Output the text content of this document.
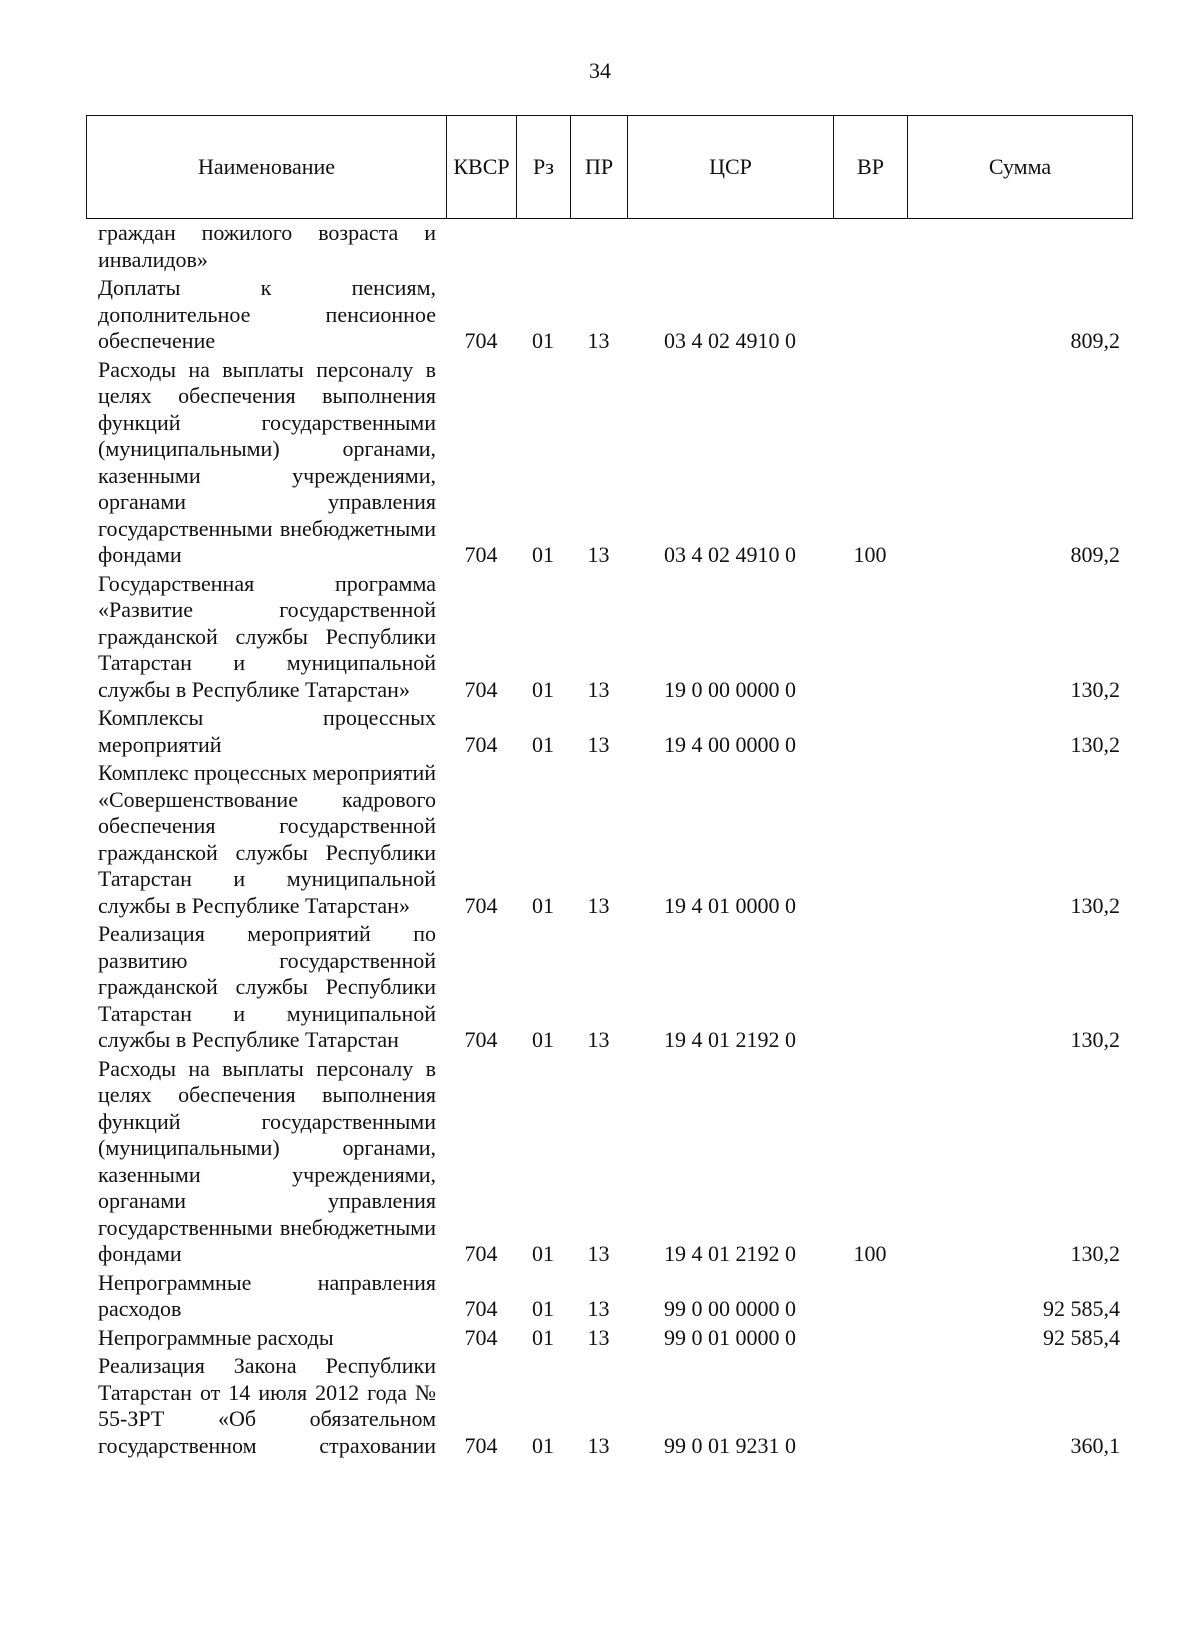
34
Наименование	КВСР	Рз	ПР	ЦСР	ВР	Сумма
граждан пожилого возраста и инвалидов»						
Доплаты к пенсиям, дополнительное пенсионное обеспечение	704	01	13	03 4 02 4910 0		809,2
Расходы на выплаты персоналу в целях обеспечения выполнения функций государственными (муниципальными) органами, казенными учреждениями, органами управления государственными внебюджетными фондами	704	01	13	03 4 02 4910 0	100	809,2
Государственная программа «Развитие государственной гражданской службы Республики Татарстан и муниципальной службы в Республике Татарстан»	704	01	13	19 0 00 0000 0		130,2
Комплексы процессных мероприятий	704	01	13	19 4 00 0000 0		130,2
Комплекс процессных мероприятий «Совершенствование кадрового обеспечения государственной гражданской службы Республики Татарстан и муниципальной службы в Республике Татарстан»	704	01	13	19 4 01 0000 0		130,2
Реализация мероприятий по развитию государственной гражданской службы Республики Татарстан и муниципальной службы в Республике Татарстан	704	01	13	19 4 01 2192 0		130,2
Расходы на выплаты персоналу в целях обеспечения выполнения функций государственными (муниципальными) органами, казенными учреждениями, органами управления государственными внебюджетными фондами	704	01	13	19 4 01 2192 0	100	130,2
Непрограммные направления расходов	704	01	13	99 0 00 0000 0		92 585,4
Непрограммные расходы	704	01	13	99 0 01 0000 0		92 585,4
Реализация Закона Республики Татарстан от 14 июля 2012 года № 55-ЗРТ «Об обязательном государственном страховании	704	01	13	99 0 01 9231 0		360,1
